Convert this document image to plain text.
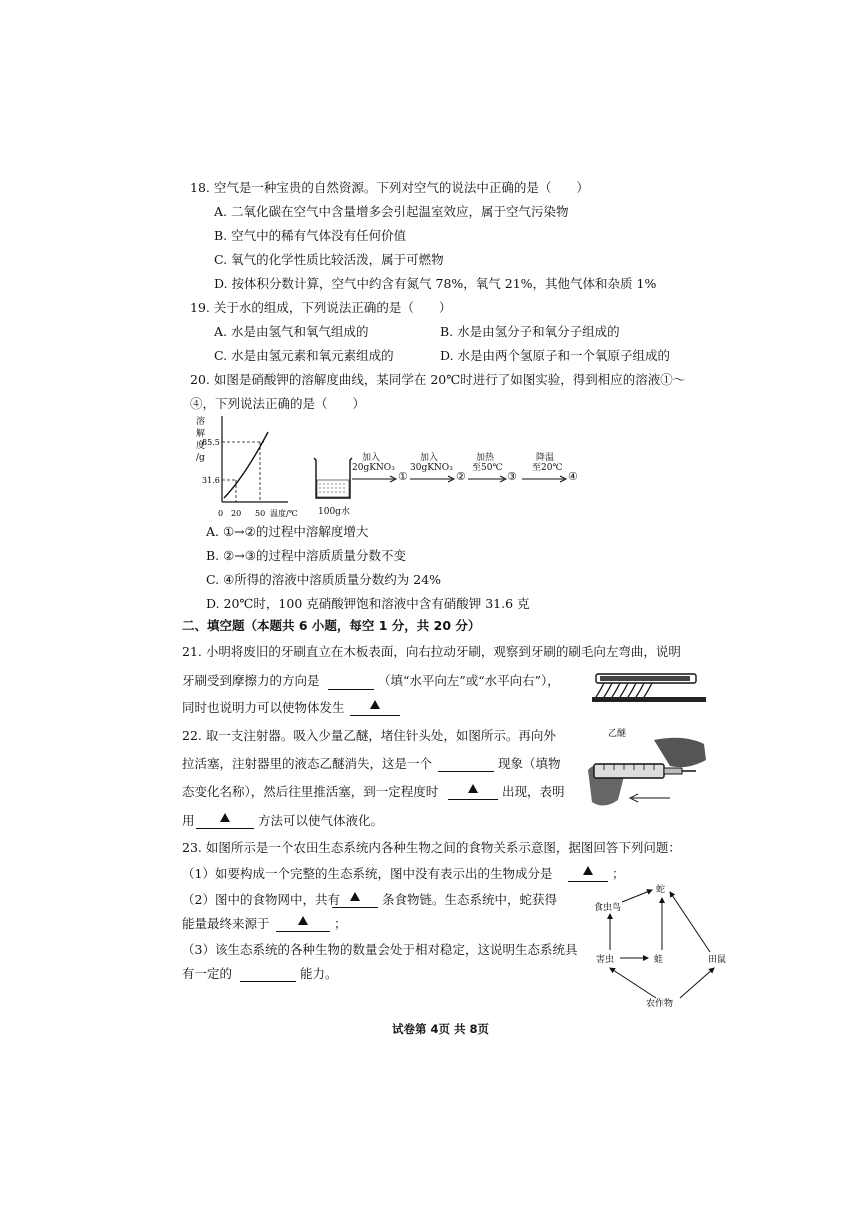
18. 空气是一种宝贵的自然资源。下列对空气的说法中正确的是（　　）
A. 二氧化碳在空气中含量增多会引起温室效应，属于空气污染物
B. 空气中的稀有气体没有任何价值
C. 氧气的化学性质比较活泼，属于可燃物
D. 按体积分数计算，空气中约含有氮气 78%，氧气 21%，其他气体和杂质 1%
19. 关于水的组成，下列说法正确的是（　　）
A. 水是由氢气和氧气组成的	B. 水是由氢分子和氧分子组成的
C. 水是由氢元素和氧元素组成的	D. 水是由两个氢原子和一个氧原子组成的
20. 如图是硝酸钾的溶解度曲线，某同学在 20℃时进行了如图实验，得到相应的溶液①～
④，下列说法正确的是（　　）
溶
解
度
/g
85.5
31.6
0 20 50 温度/℃ 100g水
加入
20gKNO₃
①
加入
30gKNO₃
②
加热
至50℃
③
降温
至20℃
④
A. ①→②的过程中溶解度增大
B. ②→③的过程中溶质质量分数不变
C. ④所得的溶液中溶质质量分数约为 24%
D. 20℃时，100 克硝酸钾饱和溶液中含有硝酸钾 31.6 克
二、填空题（本题共 6 小题，每空 1 分，共 20 分）
21. 小明将废旧的牙刷直立在木板表面，向右拉动牙刷，观察到牙刷的刷毛向左弯曲，说明
牙刷受到摩擦力的方向是	（填“水平向左”或“水平向右”），
同时也说明力可以使物体发生
22. 取一支注射器。吸入少量乙醚，堵住针头处，如图所示。再向外
拉活塞，注射器里的液态乙醚消失，这是一个	现象（填物
态变化名称），然后往里推活塞，到一定程度时	出现，表明
用	方法可以使气体液化。
乙醚
23. 如图所示是一个农田生态系统内各种生物之间的食物关系示意图，据图回答下列问题：
（1）如要构成一个完整的生态系统，图中没有表示出的生物成分是	；
（2）图中的食物网中，共有	条食物链。生态系统中，蛇获得
能量最终来源于	；
（3）该生态系统的各种生物的数量会处于相对稳定，这说明生态系统具
有一定的	能力。
蛇
食虫鸟
害虫	蛙	田鼠
农作物
试卷第 4页 共 8页
